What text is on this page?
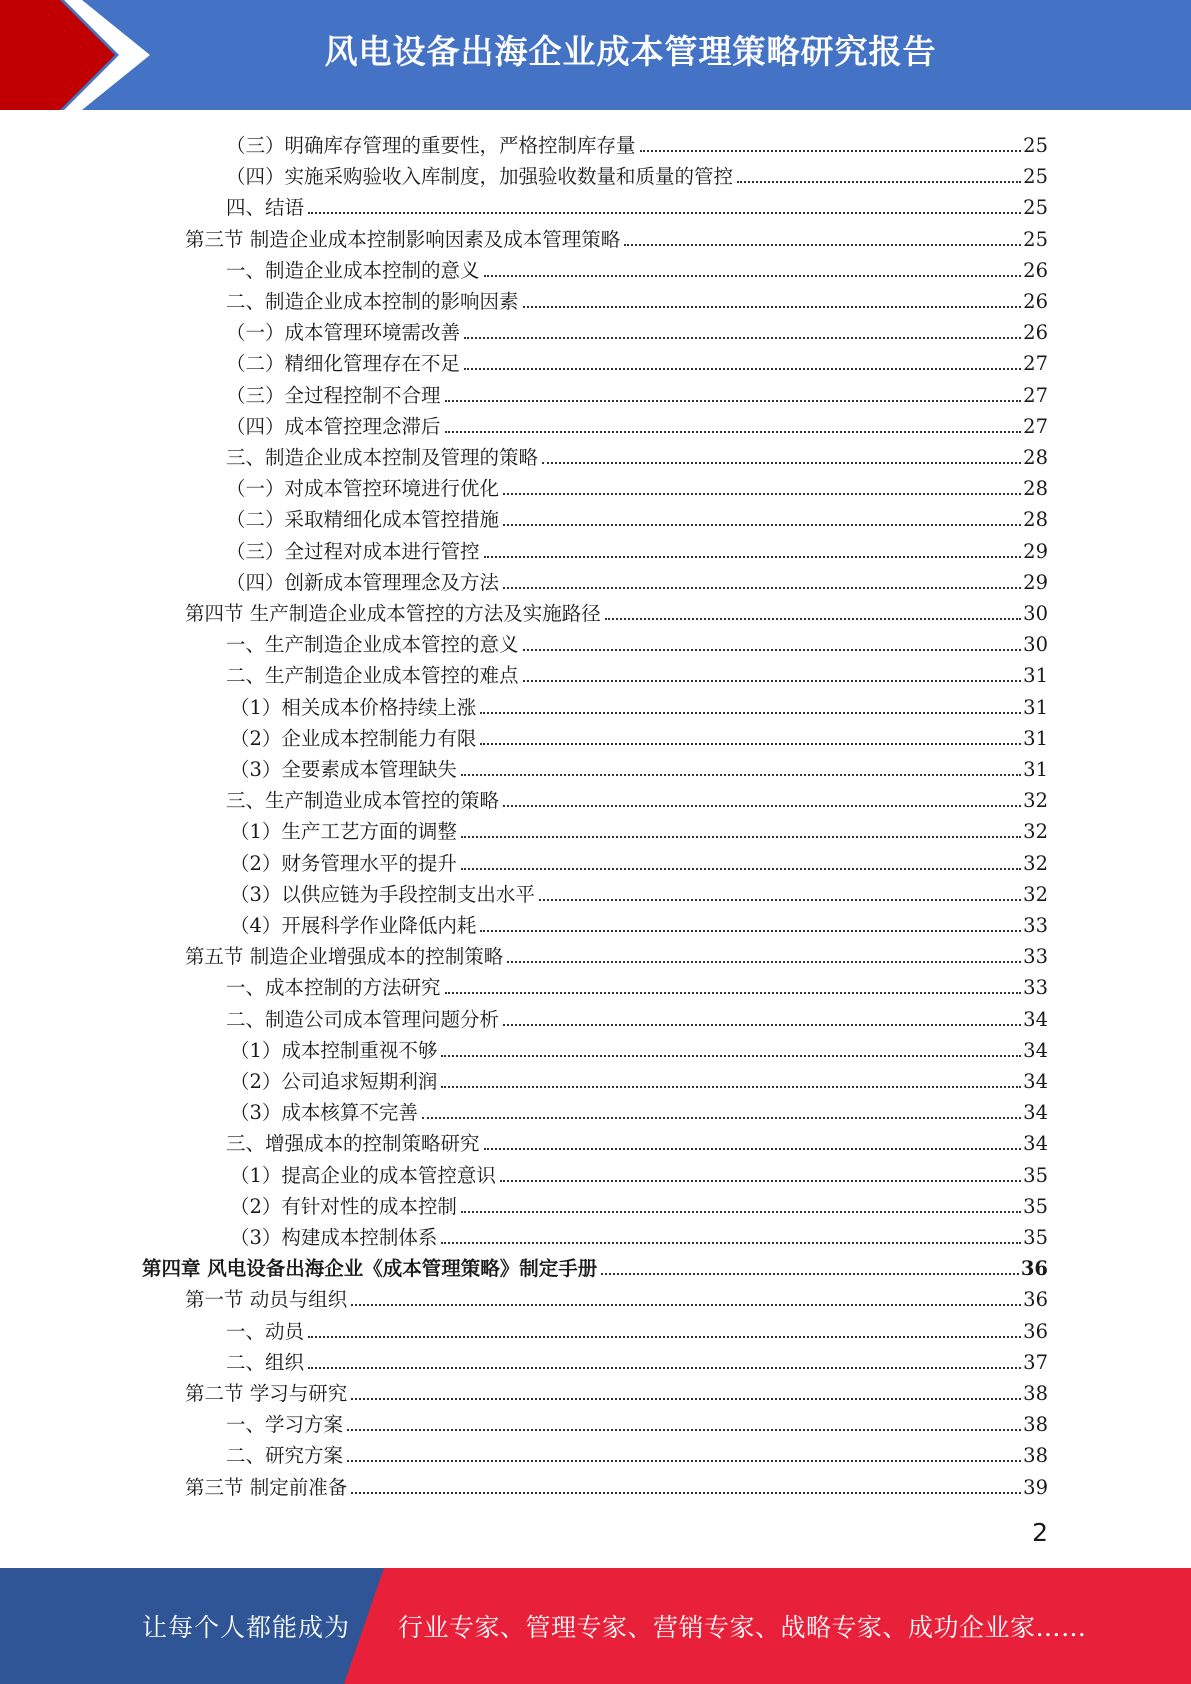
风电设备出海企业成本管理策略研究报告
（三）明确库存管理的重要性，严格控制库存量	25
（四）实施采购验收入库制度，加强验收数量和质量的管控	25
四、结语	25
第三节 制造企业成本控制影响因素及成本管理策略	25
一、制造企业成本控制的意义	26
二、制造企业成本控制的影响因素	26
（一）成本管理环境需改善	26
（二）精细化管理存在不足	27
（三）全过程控制不合理	27
（四）成本管控理念滞后	27
三、制造企业成本控制及管理的策略	28
（一）对成本管控环境进行优化	28
（二）采取精细化成本管控措施	28
（三）全过程对成本进行管控	29
（四）创新成本管理理念及方法	29
第四节 生产制造企业成本管控的方法及实施路径	30
一、生产制造企业成本管控的意义	30
二、生产制造企业成本管控的难点	31
（1）相关成本价格持续上涨	31
（2）企业成本控制能力有限	31
（3）全要素成本管理缺失	31
三、生产制造业成本管控的策略	32
（1）生产工艺方面的调整	32
（2）财务管理水平的提升	32
（3）以供应链为手段控制支出水平	32
（4）开展科学作业降低内耗	33
第五节 制造企业增强成本的控制策略	33
一、成本控制的方法研究	33
二、制造公司成本管理问题分析	34
（1）成本控制重视不够	34
（2）公司追求短期利润	34
（3）成本核算不完善	34
三、增强成本的控制策略研究	34
（1）提高企业的成本管控意识	35
（2）有针对性的成本控制	35
（3）构建成本控制体系	35
第四章 风电设备出海企业《成本管理策略》制定手册	36
第一节 动员与组织	36
一、动员	36
二、组织	37
第二节 学习与研究	38
一、学习方案	38
二、研究方案	38
第三节 制定前准备	39
2
让每个人都能成为 行业专家、管理专家、营销专家、战略专家、成功企业家……
